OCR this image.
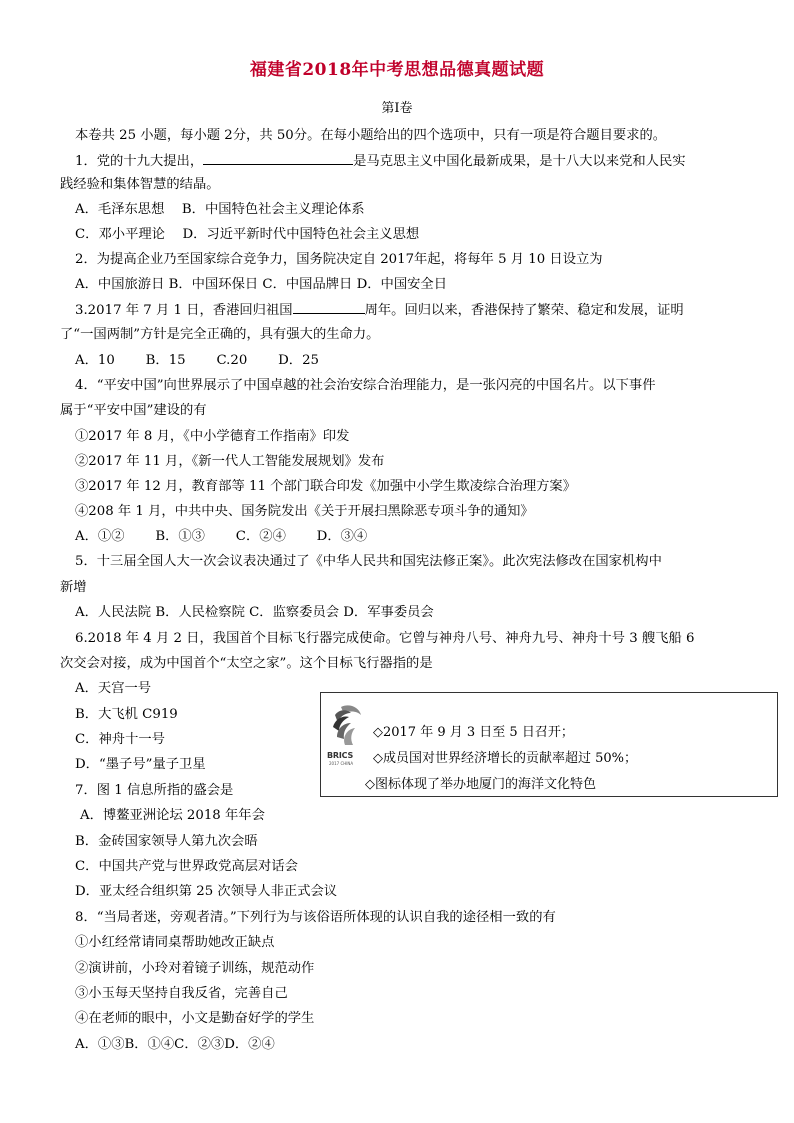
福建省2018年中考思想品德真题试题
第Ⅰ卷
本卷共 25 小题，每小题 2分，共 50分。在每小题给出的四个选项中，只有一项是符合题目要求的。
1．党的十九大提出，	是马克思主义中国化最新成果，是十八大以来党和人民实
践经验和集体智慧的结晶。
A．毛泽东思想　 B．中国特色社会主义理论体系
C．邓小平理论　 D．习近平新时代中国特色社会主义思想
2．为提高企业乃至国家综合竞争力，国务院决定自 2017年起，将每年 5 月 10 日设立为
A．中国旅游日 B．中国环保日 C．中国品牌日 D．中国安全日
3.2017 年 7 月 1 日，香港回归祖国	周年。回归以来，香港保持了繁荣、稳定和发展，证明
了“一国两制”方针是完全正确的，具有强大的生命力。
A．10　　 B．15　　 C.20　　 D．25
4．“平安中国”向世界展示了中国卓越的社会治安综合治理能力，是一张闪亮的中国名片。以下事件
属于“平安中国”建设的有
①2017 年 8 月，《中小学德育工作指南》印发
②2017 年 11 月，《新一代人工智能发展规划》发布
③2017 年 12 月，教育部等 11 个部门联合印发《加强中小学生欺凌综合治理方案》
④208 年 1 月，中共中央、国务院发出《关于开展扫黑除恶专项斗争的通知》
A．①②　　 B．①③　　 C．②④　　 D．③④
5．十三届全国人大一次会议表决通过了《中华人民共和国宪法修正案》。此次宪法修改在国家机构中
新增
A．人民法院 B．人民检察院 C．监察委员会 D．军事委员会
6.2018 年 4 月 2 日，我国首个目标飞行器完成使命。它曾与神舟八号、神舟九号、神舟十号 3 艘飞船 6
次交会对接，成为中国首个“太空之家”。这个目标飞行器指的是
A．天宫一号
B．大飞机 C919
C．神舟十一号
D．“墨子号”量子卫星
BRICS
2017 CHINA
◇2017 年 9 月 3 日至 5 日召开；
◇成员国对世界经济增长的贡献率超过 50%；
◇图标体现了举办地厦门的海洋文化特色
7．图 1 信息所指的盛会是
A．博鳌亚洲论坛 2018 年年会
B．金砖国家领导人第九次会晤
C．中国共产党与世界政党高层对话会
D．亚太经合组织第 25 次领导人非正式会议
8．“当局者迷，旁观者清。”下列行为与该俗语所体现的认识自我的途径相一致的有
①小红经常请同桌帮助她改正缺点
②演讲前，小玲对着镜子训练，规范动作
③小玉每天坚持自我反省，完善自己
④在老师的眼中，小文是勤奋好学的学生
A．①③B．①④C．②③D．②④
